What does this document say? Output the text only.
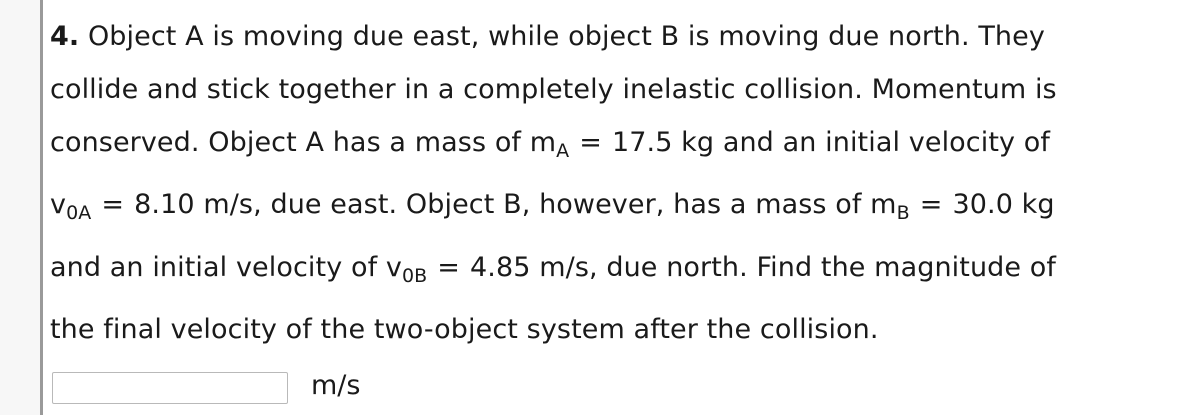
4. Object A is moving due east, while object B is moving due north. They
collide and stick together in a completely inelastic collision. Momentum is
conserved. Object A has a mass of $m_A = 17.5$ kg and an initial velocity of
$v_{0A} = 8.10$ m/s, due east. Object B, however, has a mass of $m_B = 30.0$ kg
and an initial velocity of $v_{0B} = 4.85$ m/s, due north. Find the magnitude of
the final velocity of the two-object system after the collision.
m/s
